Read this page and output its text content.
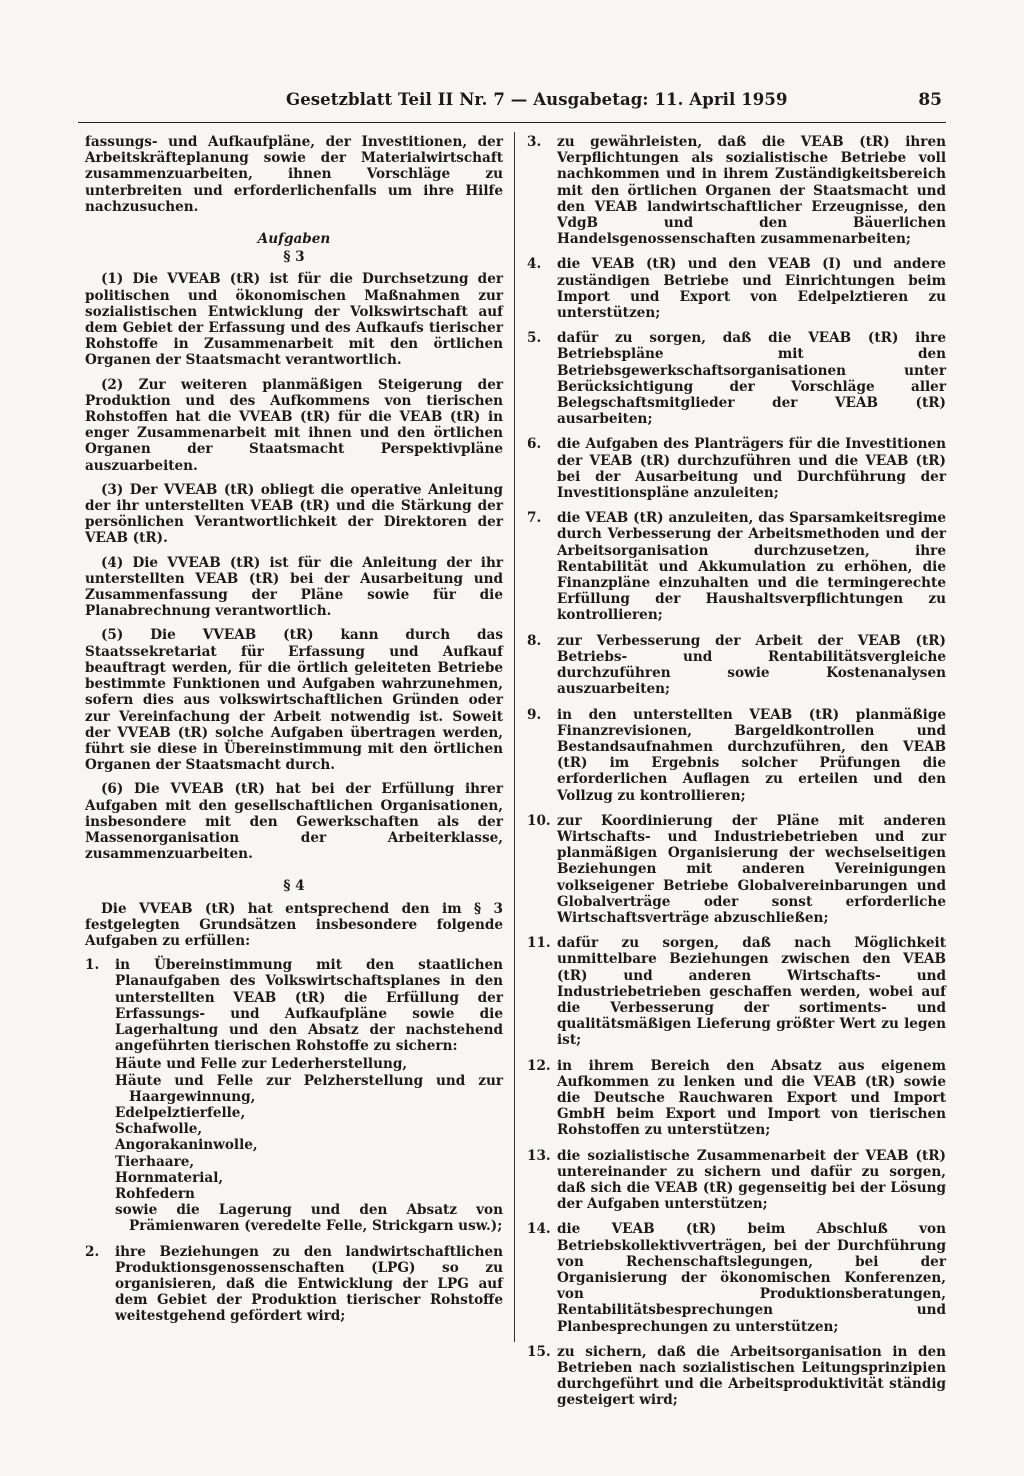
Gesetzblatt Teil II Nr. 7 — Ausgabetag: 11. April 1959	85

fassungs- und Aufkaufpläne, der Investitionen, der Arbeitskräfteplanung sowie der Materialwirtschaft zusammenzuarbeiten, ihnen Vorschläge zu unterbreiten und erforderlichenfalls um ihre Hilfe nachzusuchen.

Aufgaben
§ 3

(1) Die VVEAB (tR) ist für die Durchsetzung der politischen und ökonomischen Maßnahmen zur sozialistischen Entwicklung der Volkswirtschaft auf dem Gebiet der Erfassung und des Aufkaufs tierischer Rohstoffe in Zusammenarbeit mit den örtlichen Organen der Staatsmacht verantwortlich.

(2) Zur weiteren planmäßigen Steigerung der Produktion und des Aufkommens von tierischen Rohstoffen hat die VVEAB (tR) für die VEAB (tR) in enger Zusammenarbeit mit ihnen und den örtlichen Organen der Staatsmacht Perspektivpläne auszuarbeiten.

(3) Der VVEAB (tR) obliegt die operative Anleitung der ihr unterstellten VEAB (tR) und die Stärkung der persönlichen Verantwortlichkeit der Direktoren der VEAB (tR).

(4) Die VVEAB (tR) ist für die Anleitung der ihr unterstellten VEAB (tR) bei der Ausarbeitung und Zusammenfassung der Pläne sowie für die Planabrechnung verantwortlich.

(5) Die VVEAB (tR) kann durch das Staatssekretariat für Erfassung und Aufkauf beauftragt werden, für die örtlich geleiteten Betriebe bestimmte Funktionen und Aufgaben wahrzunehmen, sofern dies aus volkswirtschaftlichen Gründen oder zur Vereinfachung der Arbeit notwendig ist. Soweit der VVEAB (tR) solche Aufgaben übertragen werden, führt sie diese in Übereinstimmung mit den örtlichen Organen der Staatsmacht durch.

(6) Die VVEAB (tR) hat bei der Erfüllung ihrer Aufgaben mit den gesellschaftlichen Organisationen, insbesondere mit den Gewerkschaften als der Massenorganisation der Arbeiterklasse, zusammenzuarbeiten.

§ 4

Die VVEAB (tR) hat entsprechend den im § 3 festgelegten Grundsätzen insbesondere folgende Aufgaben zu erfüllen:

1.	in Übereinstimmung mit den staatlichen Planaufgaben des Volkswirtschaftsplanes in den unterstellten VEAB (tR) die Erfüllung der Erfassungs- und Aufkaufpläne sowie die Lagerhaltung und den Absatz der nachstehend angeführten tierischen Rohstoffe zu sichern:
Häute und Felle zur Lederherstellung,
Häute und Felle zur Pelzherstellung und zur Haargewinnung,
Edelpelztierfelle,
Schafwolle,
Angorakaninwolle,
Tierhaare,
Hornmaterial,
Rohfedern
sowie die Lagerung und den Absatz von Prämienwaren (veredelte Felle, Strickgarn usw.);
2.	ihre Beziehungen zu den landwirtschaftlichen Produktionsgenossenschaften (LPG) so zu organisieren, daß die Entwicklung der LPG auf dem Gebiet der Produktion tierischer Rohstoffe weitestgehend gefördert wird;
3.	zu gewährleisten, daß die VEAB (tR) ihren Verpflichtungen als sozialistische Betriebe voll nachkommen und in ihrem Zuständigkeitsbereich mit den örtlichen Organen der Staatsmacht und den VEAB landwirtschaftlicher Erzeugnisse, den VdgB und den Bäuerlichen Handelsgenossenschaften zusammenarbeiten;
4.	die VEAB (tR) und den VEAB (I) und andere zuständigen Betriebe und Einrichtungen beim Import und Export von Edelpelztieren zu unterstützen;
5.	dafür zu sorgen, daß die VEAB (tR) ihre Betriebspläne mit den Betriebsgewerkschaftsorganisationen unter Berücksichtigung der Vorschläge aller Belegschaftsmitglieder der VEAB (tR) ausarbeiten;
6.	die Aufgaben des Planträgers für die Investitionen der VEAB (tR) durchzuführen und die VEAB (tR) bei der Ausarbeitung und Durchführung der Investitionspläne anzuleiten;
7.	die VEAB (tR) anzuleiten, das Sparsamkeitsregime durch Verbesserung der Arbeitsmethoden und der Arbeitsorganisation durchzusetzen, ihre Rentabilität und Akkumulation zu erhöhen, die Finanzpläne einzuhalten und die termingerechte Erfüllung der Haushaltsverpflichtungen zu kontrollieren;
8.	zur Verbesserung der Arbeit der VEAB (tR) Betriebs- und Rentabilitätsvergleiche durchzuführen sowie Kostenanalysen auszuarbeiten;
9.	in den unterstellten VEAB (tR) planmäßige Finanzrevisionen, Bargeldkontrollen und Bestandsaufnahmen durchzuführen, den VEAB (tR) im Ergebnis solcher Prüfungen die erforderlichen Auflagen zu erteilen und den Vollzug zu kontrollieren;
10. zur Koordinierung der Pläne mit anderen Wirtschafts- und Industriebetrieben und zur planmäßigen Organisierung der wechselseitigen Beziehungen mit anderen Vereinigungen volkseigener Betriebe Globalvereinbarungen und Globalverträge oder sonst erforderliche Wirtschaftsverträge abzuschließen;
11. dafür zu sorgen, daß nach Möglichkeit unmittelbare Beziehungen zwischen den VEAB (tR) und anderen Wirtschafts- und Industriebetrieben geschaffen werden, wobei auf die Verbesserung der sortiments- und qualitätsmäßigen Lieferung größter Wert zu legen ist;
12. in ihrem Bereich den Absatz aus eigenem Aufkommen zu lenken und die VEAB (tR) sowie die Deutsche Rauchwaren Export und Import GmbH beim Export und Import von tierischen Rohstoffen zu unterstützen;
13. die sozialistische Zusammenarbeit der VEAB (tR) untereinander zu sichern und dafür zu sorgen, daß sich die VEAB (tR) gegenseitig bei der Lösung der Aufgaben unterstützen;
14. die VEAB (tR) beim Abschluß von Betriebskollektivverträgen, bei der Durchführung von Rechenschaftslegungen, bei der Organisierung der ökonomischen Konferenzen, von Produktionsberatungen, Rentabilitätsbesprechungen und Planbesprechungen zu unterstützen;
15. zu sichern, daß die Arbeitsorganisation in den Betrieben nach sozialistischen Leitungsprinzipien durchgeführt und die Arbeitsproduktivität ständig gesteigert wird;
